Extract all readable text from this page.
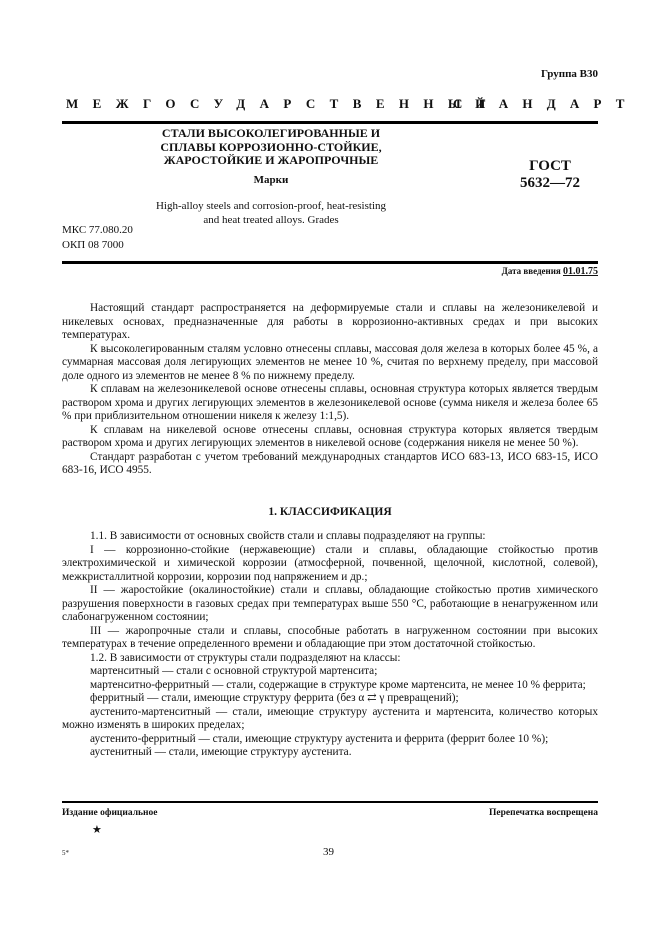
Группа В30
МЕЖГОСУДАРСТВЕННЫЙ
СТАНДАРТ
СТАЛИ ВЫСОКОЛЕГИРОВАННЫЕ И
СПЛАВЫ КОРРОЗИОННО-СТОЙКИЕ,
ЖАРОСТОЙКИЕ И ЖАРОПРОЧНЫЕ
Марки
ГОСТ
5632—72
High-alloy steels and corrosion-proof, heat-resisting
and heat treated alloys. Grades
МКС 77.080.20
ОКП 08 7000
Дата введения 01.01.75

Настоящий стандарт распространяется на деформируемые стали и сплавы на железоникелевой и никелевых основах, предназначенные для работы в коррозионно-активных средах и при высоких температурах.

К высоколегированным сталям условно отнесены сплавы, массовая доля железа в которых более 45 %, а суммарная массовая доля легирующих элементов не менее 10 %, считая по верхнему пределу, при массовой доле одного из элементов не менее 8 % по нижнему пределу.

К сплавам на железоникелевой основе отнесены сплавы, основная структура которых является твердым раствором хрома и других легирующих элементов в железоникелевой основе (сумма никеля и железа более 65 % при приблизительном отношении никеля к железу 1:1,5).

К сплавам на никелевой основе отнесены сплавы, основная структура которых является твердым раствором хрома и других легирующих элементов в никелевой основе (содержания никеля не менее 50 %).

Стандарт разработан с учетом требований международных стандартов ИСО 683-13, ИСО 683-15, ИСО 683-16, ИСО 4955.

1. КЛАССИФИКАЦИЯ

1.1. В зависимости от основных свойств стали и сплавы подразделяют на группы:

I — коррозионно-стойкие (нержавеющие) стали и сплавы, обладающие стойкостью против электрохимической и химической коррозии (атмосферной, почвенной, щелочной, кислотной, солевой), межкристаллитной коррозии, коррозии под напряжением и др.;

II — жаростойкие (окалиностойкие) стали и сплавы, обладающие стойкостью против химического разрушения поверхности в газовых средах при температурах выше 550 °С, работающие в ненагруженном или слабонагруженном состоянии;

III — жаропрочные стали и сплавы, способные работать в нагруженном состоянии при высоких температурах в течение определенного времени и обладающие при этом достаточной стойкостью.

1.2. В зависимости от структуры стали подразделяют на классы:

мартенситный — стали с основной структурой мартенсита;

мартенситно-ферритный — стали, содержащие в структуре кроме мартенсита, не менее 10 % феррита;

ферритный — стали, имеющие структуру феррита (без α ⇄ γ превращений);

аустенито-мартенситный — стали, имеющие структуру аустенита и мартенсита, количество которых можно изменять в широких пределах;

аустенито-ферритный — стали, имеющие структуру аустенита и феррита (феррит более 10 %);

аустенитный — стали, имеющие структуру аустенита.

Издание официальное	Перепечатка воспрещена
★
5*	39
